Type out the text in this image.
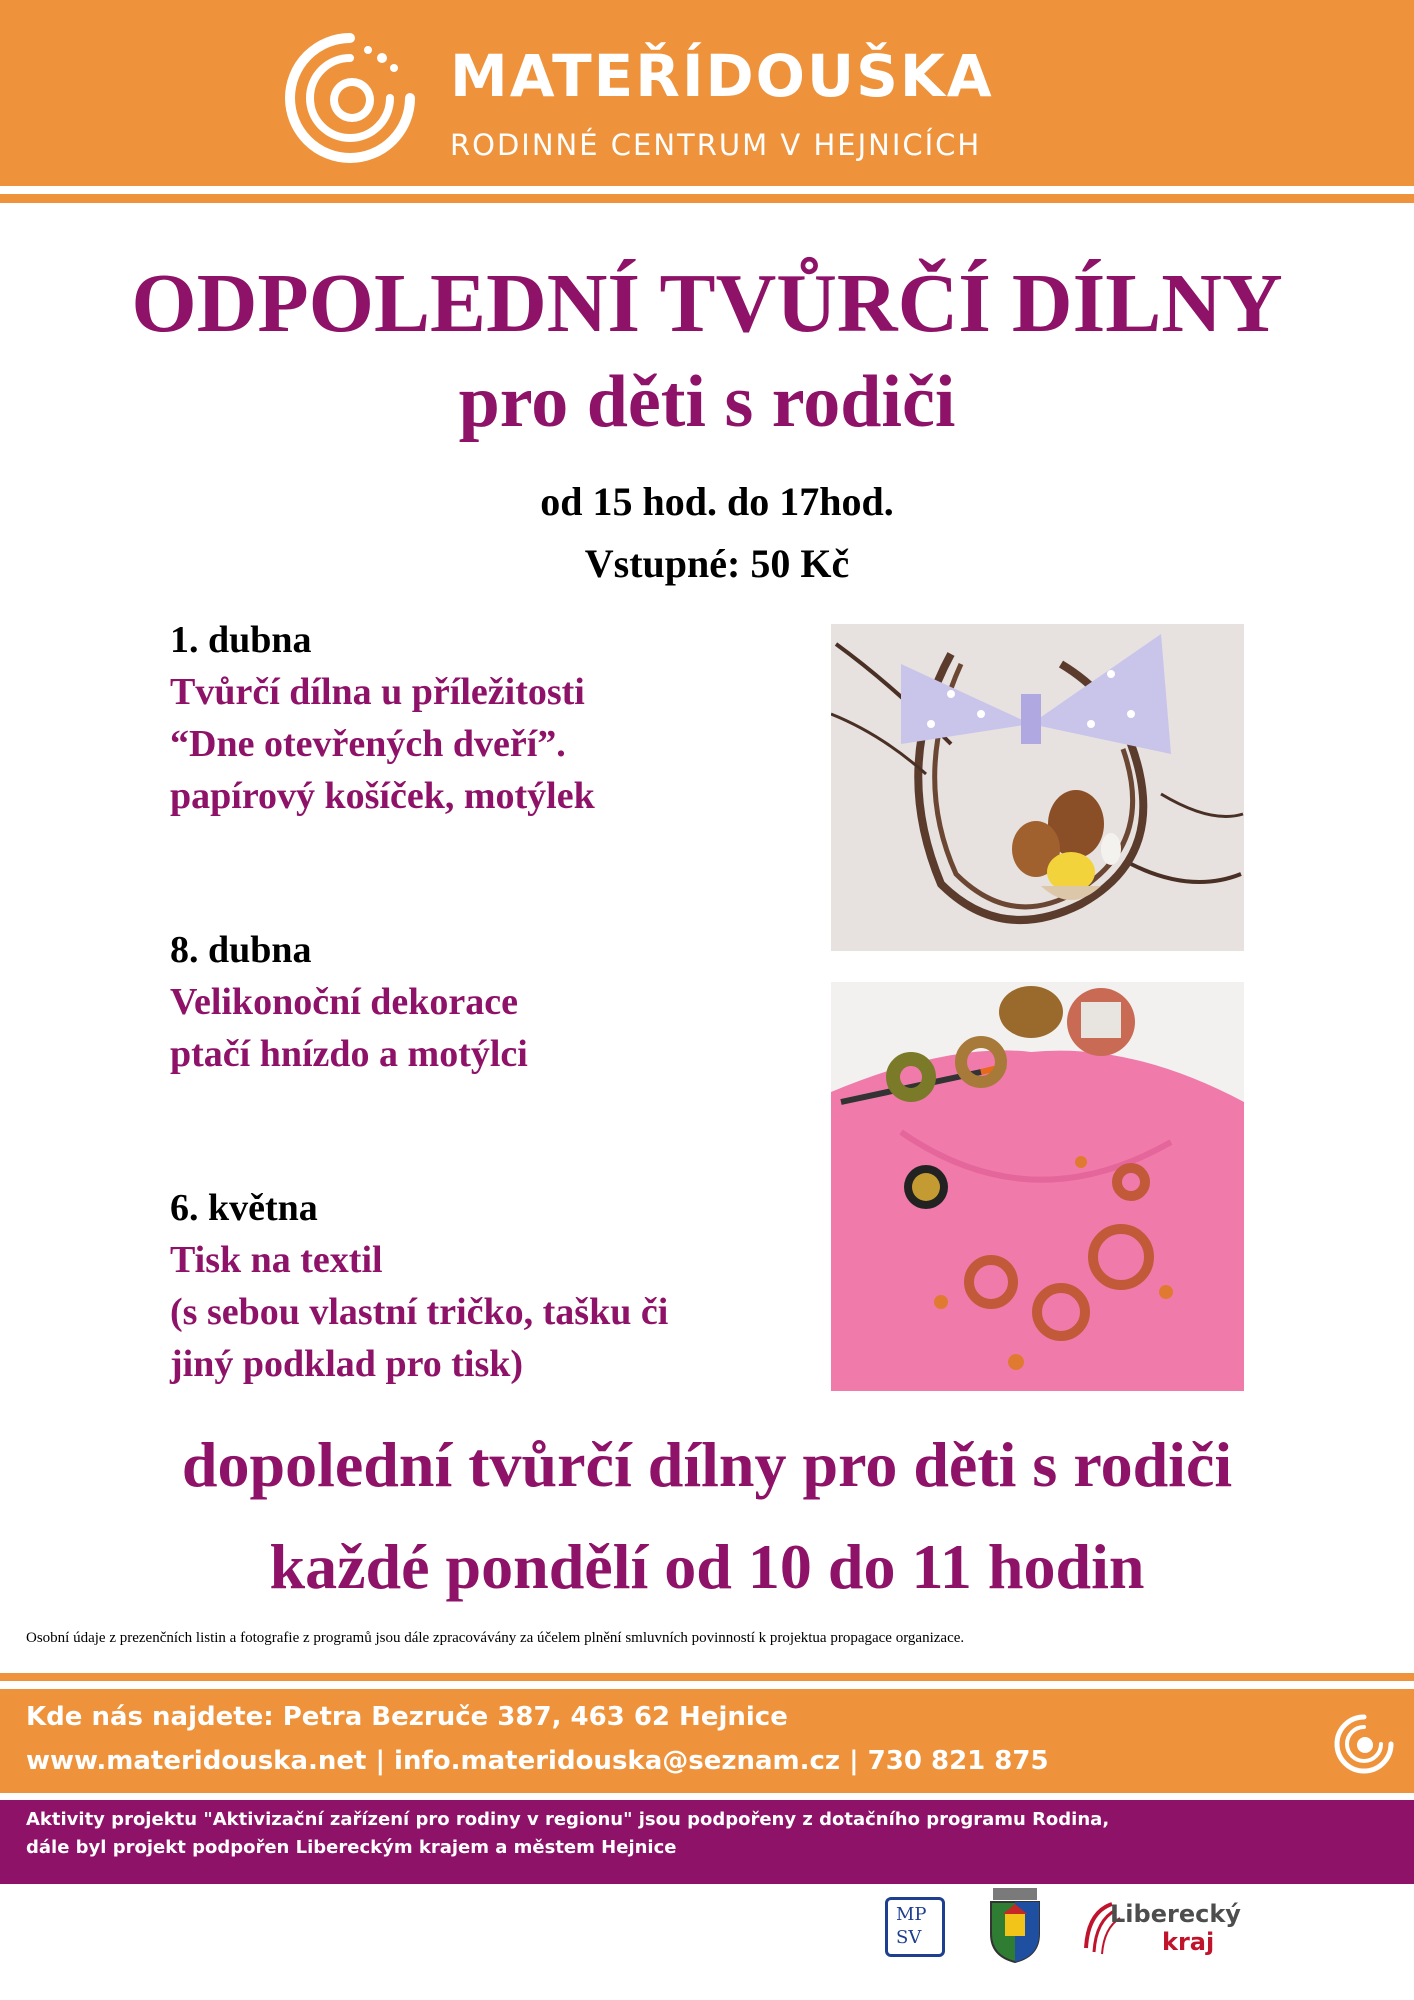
MATEŘÍDOUŠKA
RODINNÉ CENTRUM V HEJNICÍCH
ODPOLEDNÍ TVŮRČÍ DÍLNY
pro děti s rodiči
od 15 hod. do 17hod.
Vstupné: 50 Kč
1. dubna
Tvůrčí dílna u příležitosti
“Dne otevřených dveří”.
papírový košíček, motýlek
8. dubna
Velikonoční dekorace
ptačí hnízdo a motýlci
6. května
Tisk na textil
(s sebou vlastní tričko, tašku či
jiný podklad pro tisk)
dopolední tvůrčí dílny pro děti s rodiči
každé pondělí od 10 do 11 hodin
Osobní údaje z prezenčních listin a fotografie z programů jsou dále zpracovávány za účelem plnění smluvních povinností k projektua propagace organizace.
Kde nás najdete: Petra Bezruče 387, 463 62 Hejnice
www.materidouska.net | info.materidouska@seznam.cz | 730 821 875
Aktivity projektu "Aktivizační zařízení pro rodiny v regionu" jsou podpořeny z dotačního programu Rodina,
dále byl projekt podpořen Libereckým krajem a městem Hejnice
MP
SV
Liberecký
kraj
